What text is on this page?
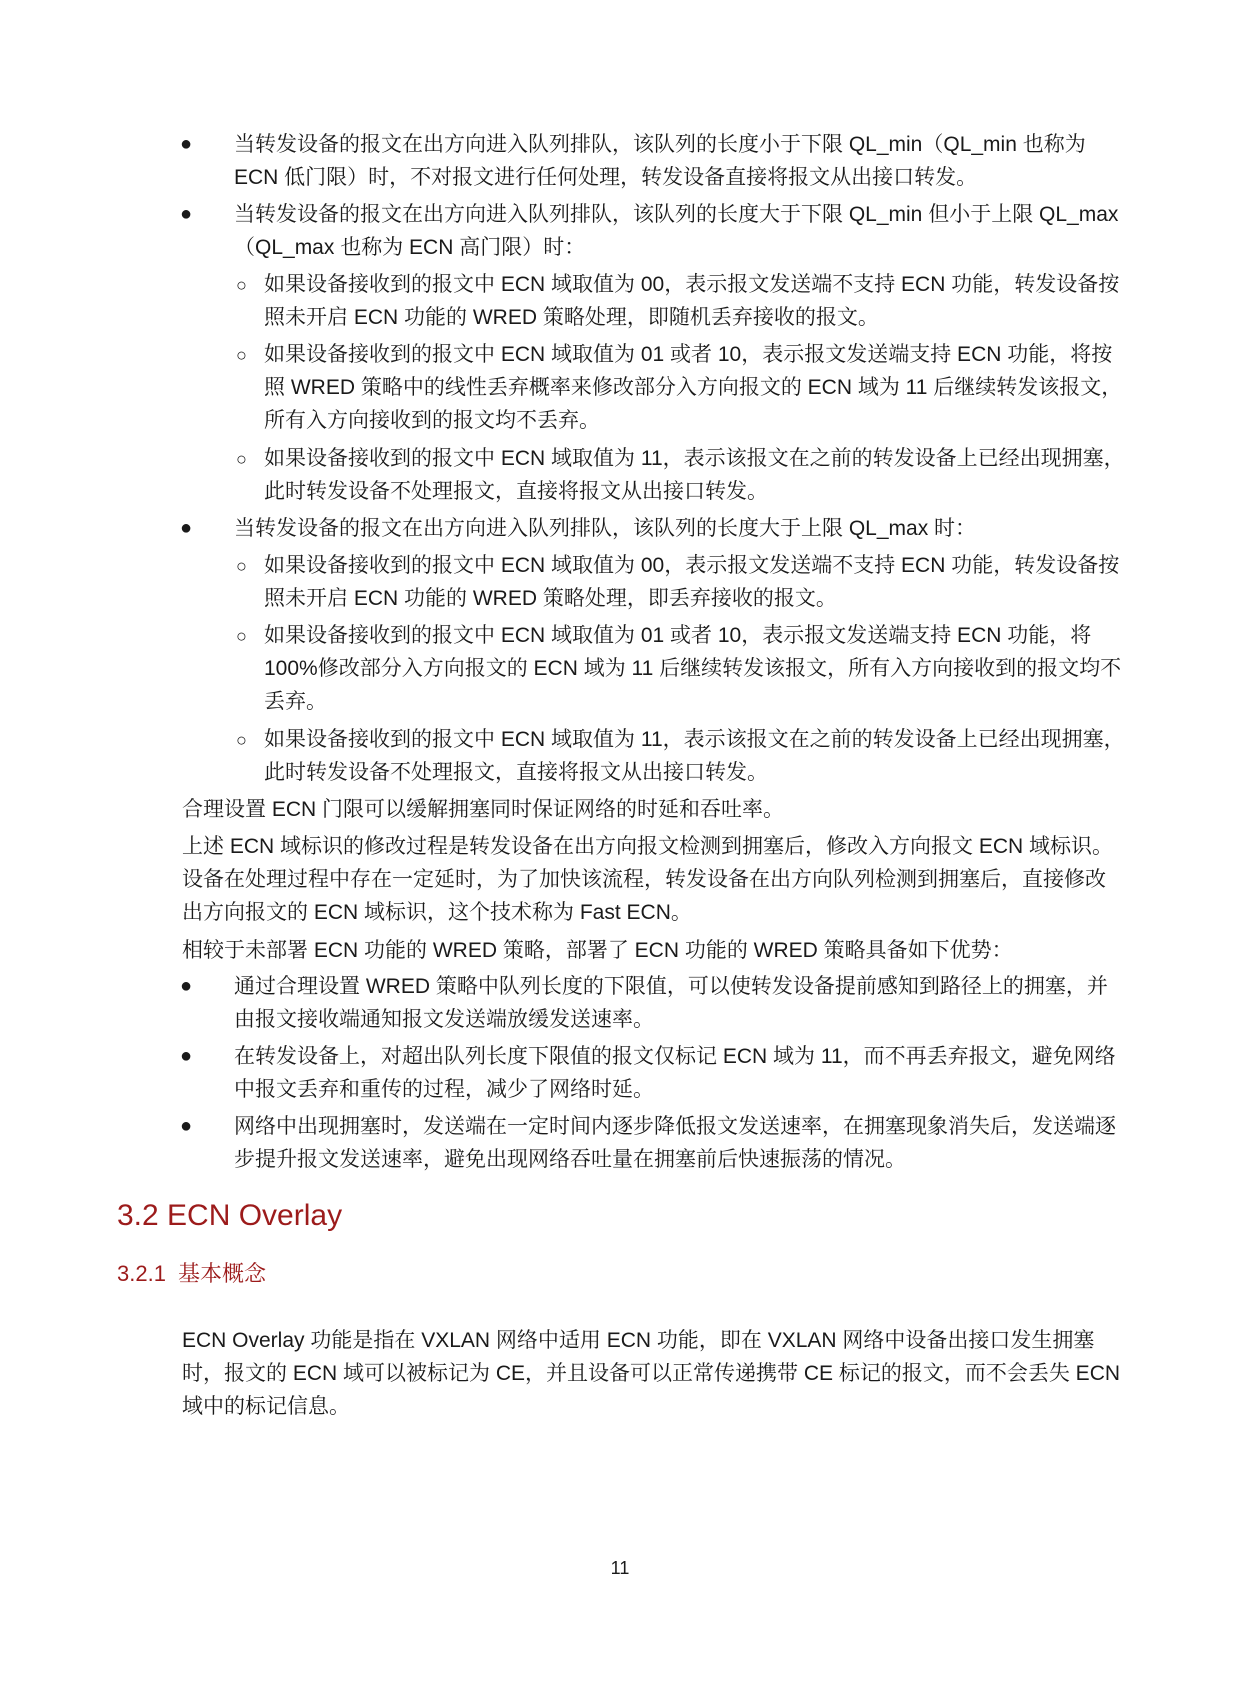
● 当转发设备的报文在出方向进入队列排队，该队列的长度小于下限 QL_min（QL_min 也称为 ECN 低门限）时，不对报文进行任何处理，转发设备直接将报文从出接口转发。
● 当转发设备的报文在出方向进入队列排队，该队列的长度大于下限 QL_min 但小于上限 QL_max（QL_max 也称为 ECN 高门限）时：
○ 如果设备接收到的报文中 ECN 域取值为 00，表示报文发送端不支持 ECN 功能，转发设备按照未开启 ECN 功能的 WRED 策略处理，即随机丢弃接收的报文。
○ 如果设备接收到的报文中 ECN 域取值为 01 或者 10，表示报文发送端支持 ECN 功能，将按照 WRED 策略中的线性丢弃概率来修改部分入方向报文的 ECN 域为 11 后继续转发该报文，所有入方向接收到的报文均不丢弃。
○ 如果设备接收到的报文中 ECN 域取值为 11，表示该报文在之前的转发设备上已经出现拥塞，此时转发设备不处理报文，直接将报文从出接口转发。
● 当转发设备的报文在出方向进入队列排队，该队列的长度大于上限 QL_max 时：
○ 如果设备接收到的报文中 ECN 域取值为 00，表示报文发送端不支持 ECN 功能，转发设备按照未开启 ECN 功能的 WRED 策略处理，即丢弃接收的报文。
○ 如果设备接收到的报文中 ECN 域取值为 01 或者 10，表示报文发送端支持 ECN 功能，将 100%修改部分入方向报文的 ECN 域为 11 后继续转发该报文，所有入方向接收到的报文均不丢弃。
○ 如果设备接收到的报文中 ECN 域取值为 11，表示该报文在之前的转发设备上已经出现拥塞，此时转发设备不处理报文，直接将报文从出接口转发。
合理设置 ECN 门限可以缓解拥塞同时保证网络的时延和吞吐率。
上述 ECN 域标识的修改过程是转发设备在出方向报文检测到拥塞后，修改入方向报文 ECN 域标识。设备在处理过程中存在一定延时，为了加快该流程，转发设备在出方向队列检测到拥塞后，直接修改出方向报文的 ECN 域标识，这个技术称为 Fast ECN。
相较于未部署 ECN 功能的 WRED 策略，部署了 ECN 功能的 WRED 策略具备如下优势：
● 通过合理设置 WRED 策略中队列长度的下限值，可以使转发设备提前感知到路径上的拥塞，并由报文接收端通知报文发送端放缓发送速率。
● 在转发设备上，对超出队列长度下限值的报文仅标记 ECN 域为 11，而不再丢弃报文，避免网络中报文丢弃和重传的过程，减少了网络时延。
● 网络中出现拥塞时，发送端在一定时间内逐步降低报文发送速率，在拥塞现象消失后，发送端逐步提升报文发送速率，避免出现网络吞吐量在拥塞前后快速振荡的情况。
3.2 ECN Overlay
3.2.1 基本概念
ECN Overlay 功能是指在 VXLAN 网络中适用 ECN 功能，即在 VXLAN 网络中设备出接口发生拥塞时，报文的 ECN 域可以被标记为 CE，并且设备可以正常传递携带 CE 标记的报文，而不会丢失 ECN 域中的标记信息。
11
